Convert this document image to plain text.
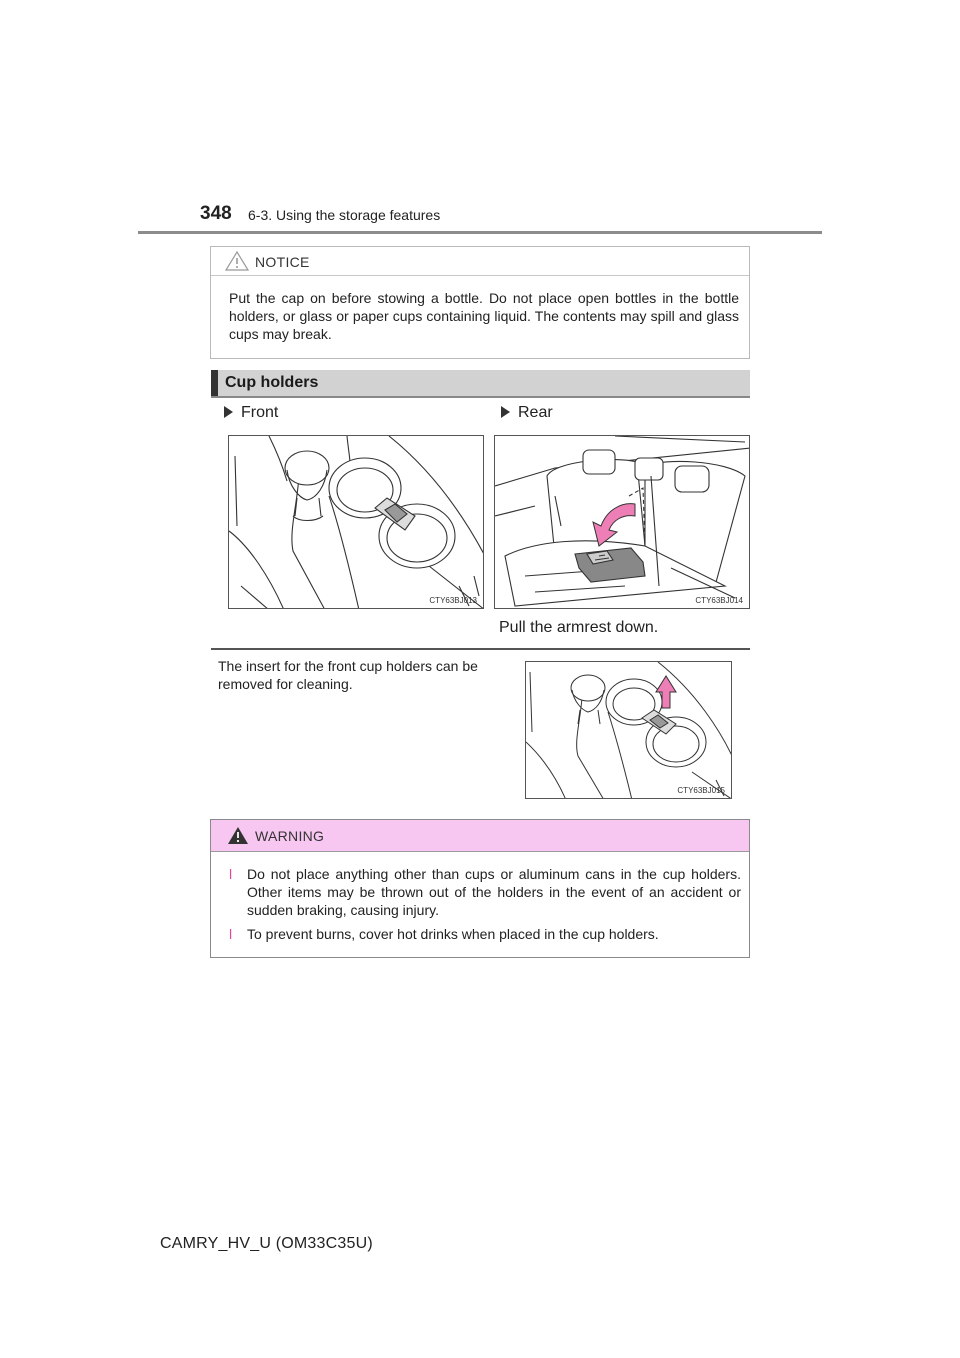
348 6-3. Using the storage features
NOTICE
Put the cap on before stowing a bottle. Do not place open bottles in the bottle holders, or glass or paper cups containing liquid. The contents may spill and glass cups may break.
Cup holders
Front	Rear
CTY63BJ013	CTY63BJ014
Pull the armrest down.
The insert for the front cup holders can be removed for cleaning.
CTY63BJ015
WARNING
l Do not place anything other than cups or aluminum cans in the cup holders. Other items may be thrown out of the holders in the event of an accident or sudden braking, causing injury.
l To prevent burns, cover hot drinks when placed in the cup holders.
CAMRY_HV_U (OM33C35U)
